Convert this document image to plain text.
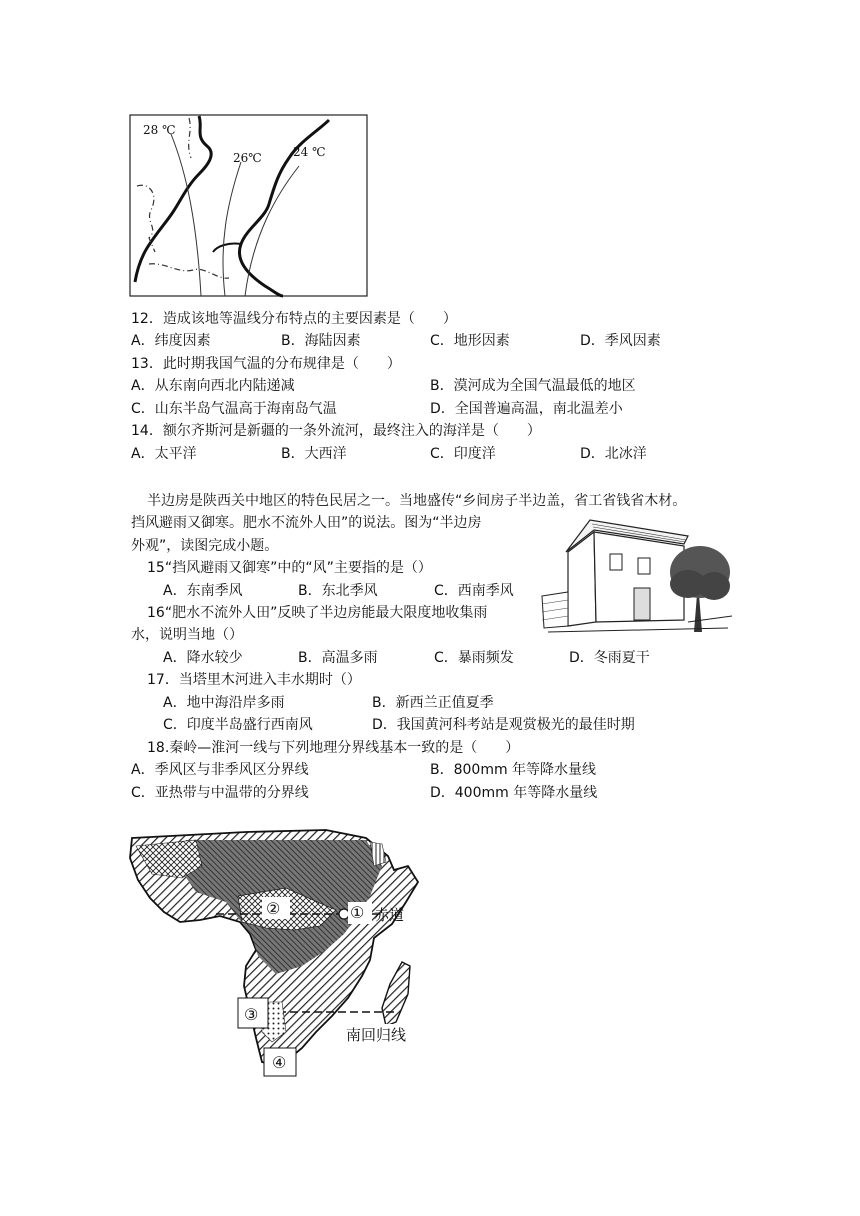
28 ℃
26℃	24 ℃
12．造成该地等温线分布特点的主要因素是（　　）
A．纬度因素	B．海陆因素	C．地形因素	D．季风因素
13．此时期我国气温的分布规律是（　　）
A．从东南向西北内陆递减	B．漠河成为全国气温最低的地区
C．山东半岛气温高于海南岛气温	D．全国普遍高温，南北温差小
14．额尔齐斯河是新疆的一条外流河，最终注入的海洋是（　　）
A．太平洋	B．大西洋	C．印度洋	D．北冰洋
半边房是陕西关中地区的特色民居之一。当地盛传“乡间房子半边盖，省工省钱省木材。
挡风避雨又御寒。肥水不流外人田”的说法。图为“半边房
外观”，读图完成小题。
15“挡风避雨又御寒”中的“风”主要指的是（）
A．东南季风	B．东北季风	C．西南季风
16“肥水不流外人田”反映了半边房能最大限度地收集雨
水，说明当地（）
A．降水较少	B．高温多雨	C．暴雨频发	D．冬雨夏干
17．当塔里木河进入丰水期时（）
A．地中海沿岸多雨	B．新西兰正值夏季
C．印度半岛盛行西南风	D．我国黄河科考站是观赏极光的最佳时期
18.秦岭—淮河一线与下列地理分界线基本一致的是（　　）
A．季风区与非季风区分界线	B．800mm 年等降水量线
C．亚热带与中温带的分界线	D．400mm 年等降水量线
②	① 赤道
③
南回归线
④
